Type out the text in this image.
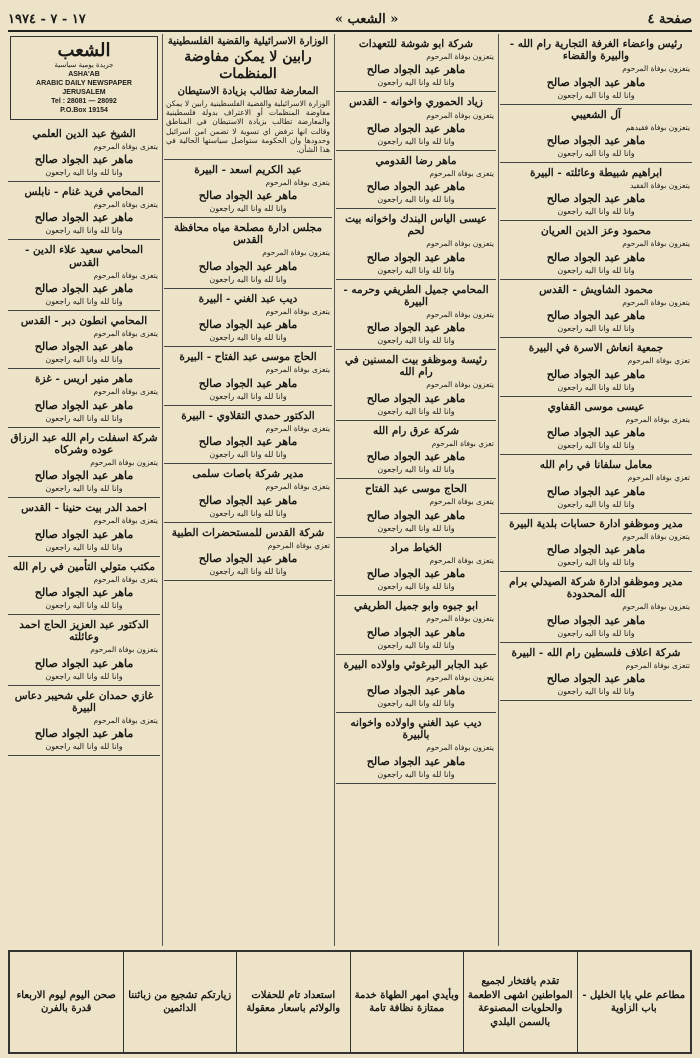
صفحة ٤
« الشعب »
١٧ - ٧ - ١٩٧٤
رئيس واعضاء الغرفة التجارية رام الله - والبيرة والقضاء
يتعزون بوفاة المرحوم
ماهر عبد الجواد صالح
وانا لله وانا اليه راجعون
آل الشعيبي
يتعزون بوفاة فقيدهم
ماهر عبد الجواد صالح
وانا لله وانا اليه راجعون
ابراهيم شبيطة وعائلته - البيرة
يتعزون بوفاة الفقيد
ماهر عبد الجواد صالح
وانا لله وانا اليه راجعون
محمود وعز الدين العريان
يتعزون بوفاة المرحوم
ماهر عبد الجواد صالح
وانا لله وانا اليه راجعون
محمود الشاويش - القدس
يتعزون بوفاة المرحوم
ماهر عبد الجواد صالح
وانا لله وانا اليه راجعون
جمعية انعاش الاسرة في البيرة
تعزي بوفاة المرحوم
ماهر عبد الجواد صالح
وانا لله وانا اليه راجعون
عيسى موسى القفاوي
يتعزى بوفاة المرحوم
ماهر عبد الجواد صالح
وانا لله وانا اليه راجعون
معامل سلفانا في رام الله
تعزي بوفاة المرحوم
ماهر عبد الجواد صالح
وانا لله وانا اليه راجعون
مدير وموظفو ادارة حسابات بلدية البيرة
يتعزون بوفاة المرحوم
ماهر عبد الجواد صالح
وانا لله وانا اليه راجعون
مدير وموظفو ادارة شركة الصيدلي برام الله المحدودة
يتعزون بوفاة المرحوم
ماهر عبد الجواد صالح
وانا لله وانا اليه راجعون
شركة اعلاف فلسطين رام الله - البيرة
تتعزى بوفاة المرحوم
ماهر عبد الجواد صالح
وانا لله وانا اليه راجعون
شركة ابو شوشة للتعهدات
يتعزون بوفاة المرحوم
ماهر عبد الجواد صالح
وانا لله وانا اليه راجعون
زياد الحموري واخوانه - القدس
يتعزون بوفاة المرحوم
ماهر عبد الجواد صالح
وانا لله وانا اليه راجعون
ماهر رضا القدومي
يتعزى بوفاة المرحوم
ماهر عبد الجواد صالح
وانا لله وانا اليه راجعون
عيسى الياس البندك واخوانه بيت لحم
يتعزون بوفاة المرحوم
ماهر عبد الجواد صالح
وانا لله وانا اليه راجعون
المحامي جميل الطريفي وحرمه - البيرة
يتعزون بوفاة المرحوم
ماهر عبد الجواد صالح
وانا لله وانا اليه راجعون
رئيسة وموظفو بيت المسنين في رام الله
يتعزون بوفاة المرحوم
ماهر عبد الجواد صالح
وانا لله وانا اليه راجعون
شركة عرق رام الله
تعزي بوفاة المرحوم
ماهر عبد الجواد صالح
وانا لله وانا اليه راجعون
الحاج موسى عبد الفتاح
يتعزى بوفاة المرحوم
ماهر عبد الجواد صالح
وانا لله وانا اليه راجعون
الخياط مراد
يتعزى بوفاة المرحوم
ماهر عبد الجواد صالح
وانا لله وانا اليه راجعون
ابو جبوه وابو جميل الطريفي
يتعزون بوفاة المرحوم
ماهر عبد الجواد صالح
وانا لله وانا اليه راجعون
عبد الجابر البرغوثي واولاده البيرة
يتعزون بوفاة المرحوم
ماهر عبد الجواد صالح
وانا لله وانا اليه راجعون
ديب عبد الغني واولاده واخوانه بالبيرة
يتعزون بوفاة المرحوم
ماهر عبد الجواد صالح
وانا لله وانا اليه راجعون
الوزارة الاسرائيلية والقضية الفلسطينية
رابين لا يمكن مفاوضة المنظمات
المعارضة تطالب بزيادة الاستيطان
الوزارة الاسرائيلية والقضية الفلسطينية رابين لا يمكن مفاوضة المنظمات أو الاعتراف بدولة فلسطينية والمعارضة تطالب بزيادة الاستيطان في المناطق وقالت انها ترفض اي تسوية لا تضمن امن اسرائيل وحدودها وان الحكومة ستواصل سياستها الحالية في هذا الشأن.
عبد الكريم اسعد - البيرة
يتعزى بوفاة المرحوم
ماهر عبد الجواد صالح
وانا لله وانا اليه راجعون
مجلس ادارة مصلحة مياه محافظة القدس
يتعزون بوفاة المرحوم
ماهر عبد الجواد صالح
وانا لله وانا اليه راجعون
ديب عبد الغني - البيرة
يتعزى بوفاة المرحوم
ماهر عبد الجواد صالح
وانا لله وانا اليه راجعون
الحاج موسى عبد الفتاح - البيرة
يتعزى بوفاة المرحوم
ماهر عبد الجواد صالح
وانا لله وانا اليه راجعون
الدكتور حمدي التقلاوي - البيرة
يتعزى بوفاة المرحوم
ماهر عبد الجواد صالح
وانا لله وانا اليه راجعون
مدير شركة باصات سلمى
يتعزى بوفاة المرحوم
ماهر عبد الجواد صالح
وانا لله وانا اليه راجعون
شركة القدس للمستحضرات الطبية
تعزي بوفاة المرحوم
ماهر عبد الجواد صالح
وانا لله وانا اليه راجعون
الشعب
جريدة يومية سياسية
ASHA'AB
ARABIC DAILY NEWSPAPER
JERUSALEM
Tel : 28081 — 28092
P.O.Box 19154
الشيخ عبد الدين العلمي
يتعزى بوفاة المرحوم
ماهر عبد الجواد صالح
وانا لله وانا اليه راجعون
المحامي فريد غنام - نابلس
يتعزى بوفاة المرحوم
ماهر عبد الجواد صالح
وانا لله وانا اليه راجعون
المحامي سعيد علاء الدين - القدس
يتعزى بوفاة المرحوم
ماهر عبد الجواد صالح
وانا لله وانا اليه راجعون
المحامي انطون دبر - القدس
يتعزى بوفاة المرحوم
ماهر عبد الجواد صالح
وانا لله وانا اليه راجعون
ماهر منير اريس - غزة
يتعزى بوفاة المرحوم
ماهر عبد الجواد صالح
وانا لله وانا اليه راجعون
شركة اسفلت رام الله عبد الرزاق عوده وشركاه
يتعزون بوفاة المرحوم
ماهر عبد الجواد صالح
وانا لله وانا اليه راجعون
احمد الدر بيت حنينا - القدس
يتعزى بوفاة المرحوم
ماهر عبد الجواد صالح
وانا لله وانا اليه راجعون
مكتب متولي التأمين في رام الله
يتعزى بوفاة المرحوم
ماهر عبد الجواد صالح
وانا لله وانا اليه راجعون
الدكتور عبد العزيز الحاج احمد وعائلته
يتعزون بوفاة المرحوم
ماهر عبد الجواد صالح
وانا لله وانا اليه راجعون
غازي حمدان علي شحيبر دعاس البيرة
يتعزى بوفاة المرحوم
ماهر عبد الجواد صالح
وانا لله وانا اليه راجعون
مطاعم علي بابا الخليل - باب الزاوية
تقدم بافتخار لجميع المواطنين اشهى الاطعمة والحلويات المصنوعة بالسمن البلدي
وبأيدي امهر الطهاة خدمة ممتازة نظافة تامة
استعداد تام للحفلات والولائم باسعار معقولة
زيارتكم تشجيع من زبائننا الدائمين
صحن اليوم ليوم الاربعاء قدرة بالفرن
